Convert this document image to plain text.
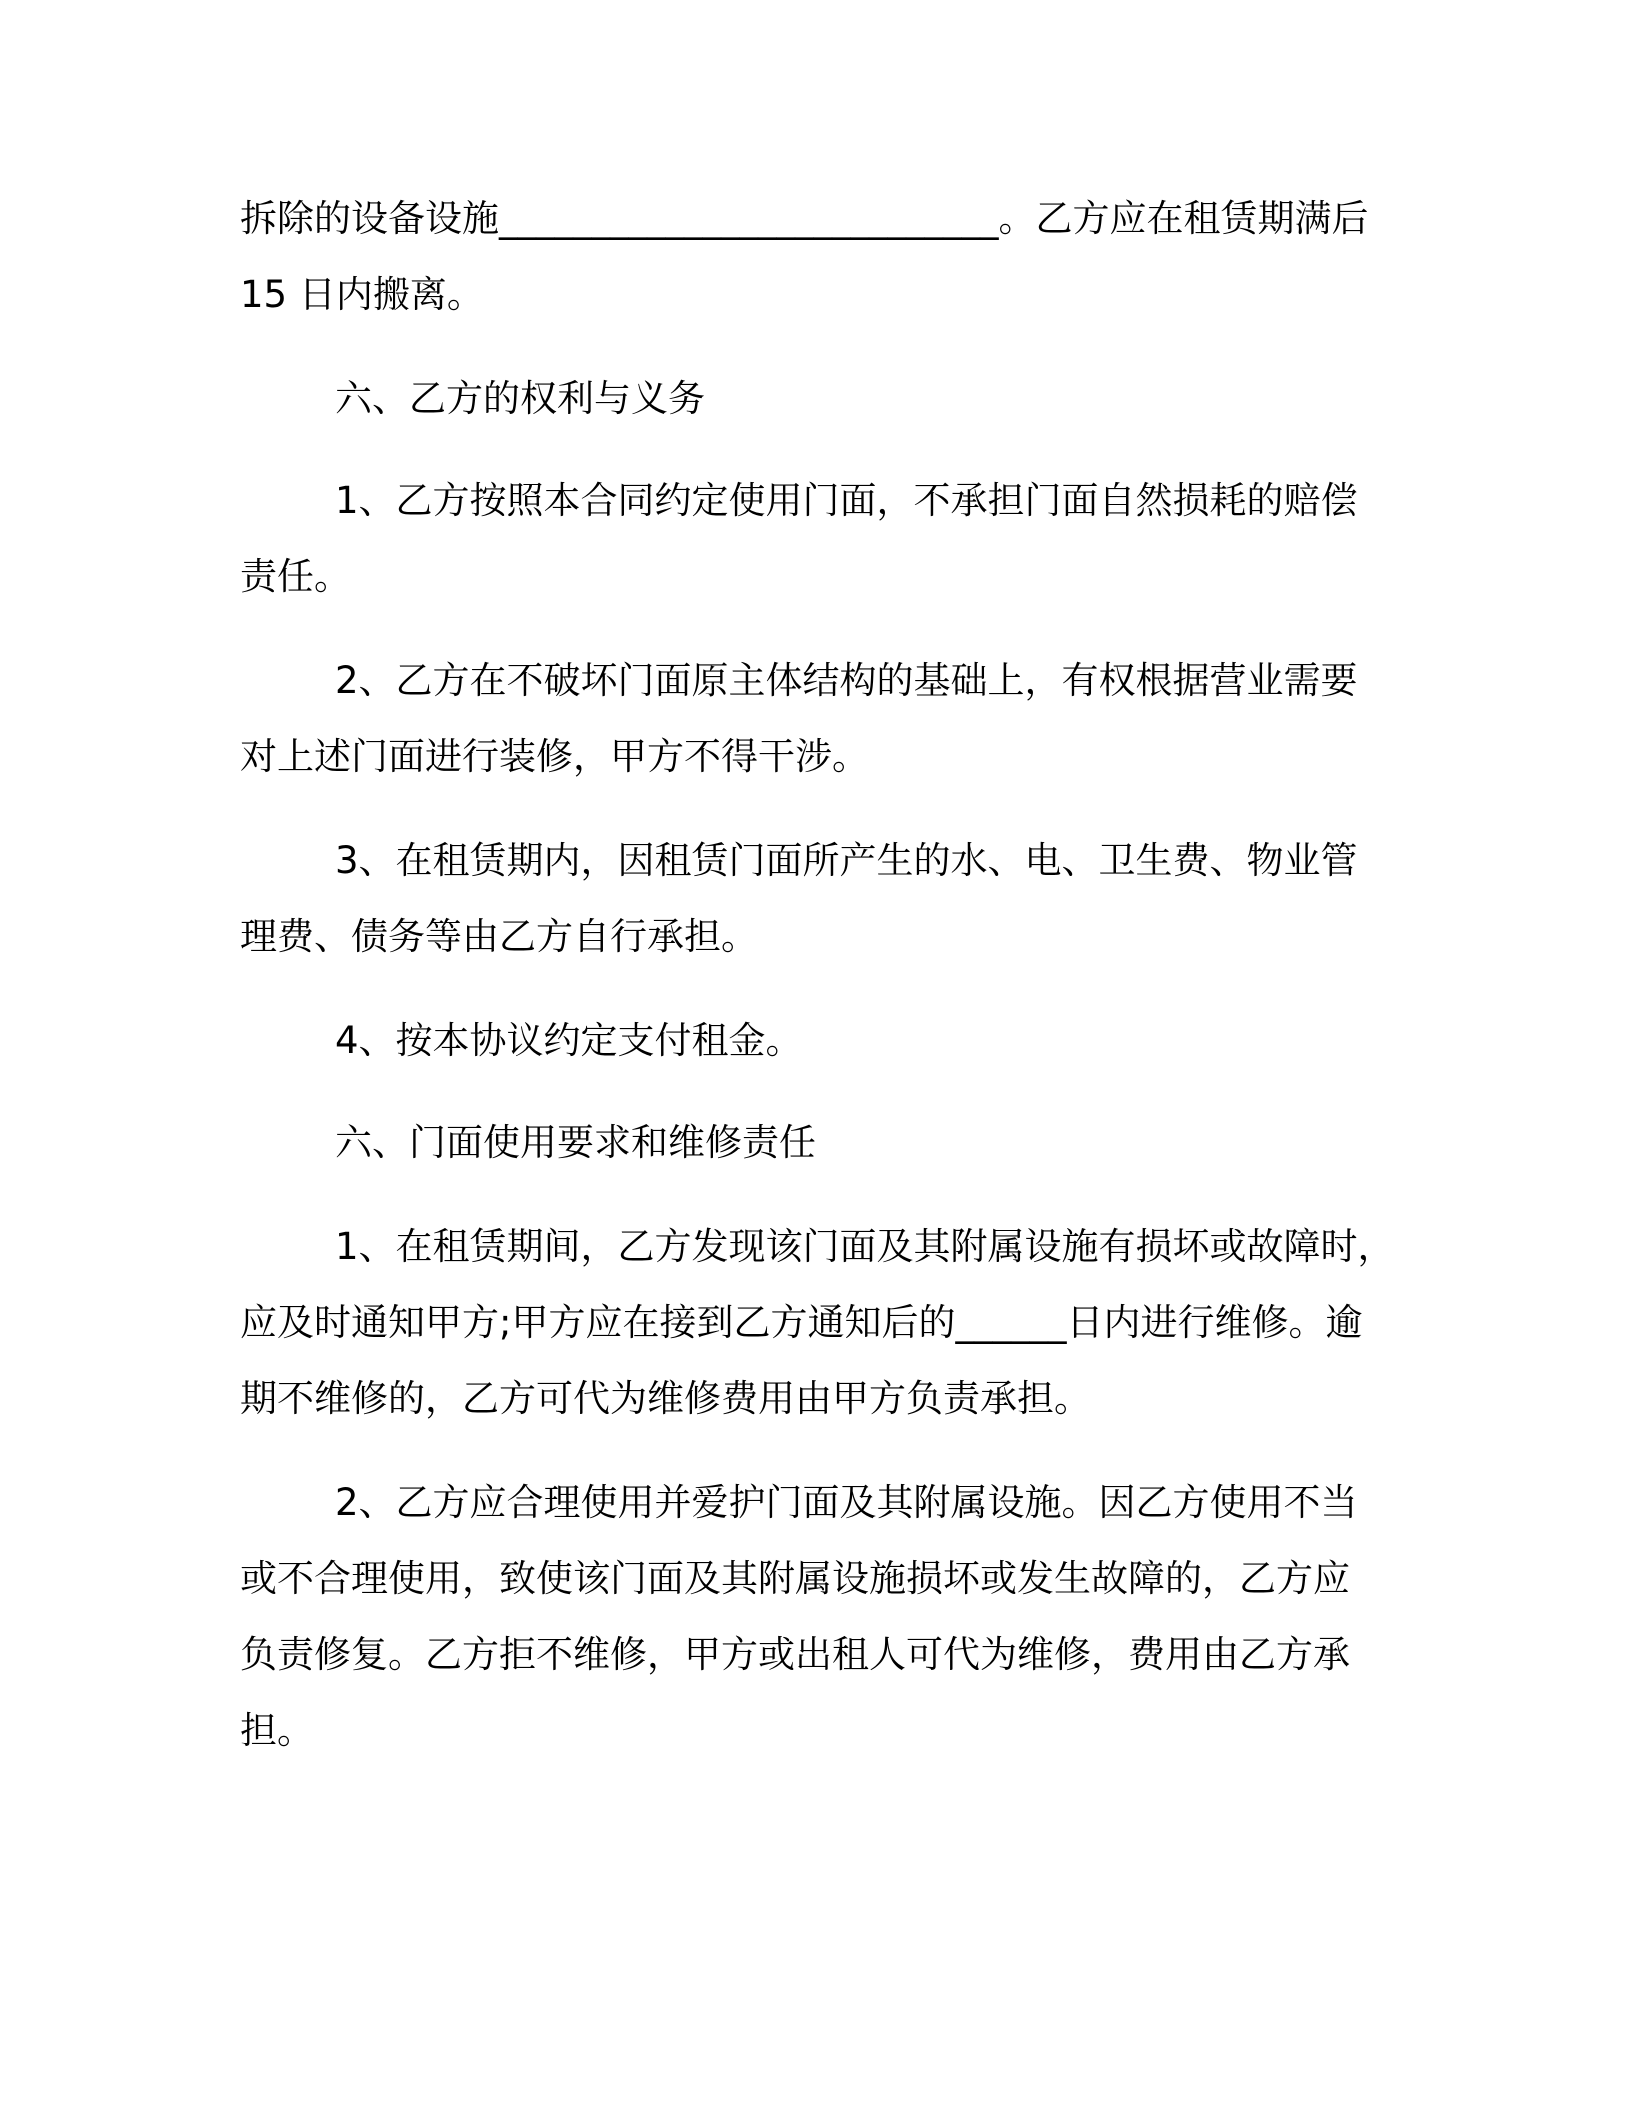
拆除的设备设施___________________________。乙方应在租赁期满后
15 日内搬离。
六、乙方的权利与义务
1、乙方按照本合同约定使用门面，不承担门面自然损耗的赔偿
责任。
2、乙方在不破坏门面原主体结构的基础上，有权根据营业需要
对上述门面进行装修，甲方不得干涉。
3、在租赁期内，因租赁门面所产生的水、电、卫生费、物业管
理费、债务等由乙方自行承担。
4、按本协议约定支付租金。
六、门面使用要求和维修责任
1、在租赁期间，乙方发现该门面及其附属设施有损坏或故障时，
应及时通知甲方;甲方应在接到乙方通知后的______日内进行维修。逾
期不维修的，乙方可代为维修费用由甲方负责承担。
2、乙方应合理使用并爱护门面及其附属设施。因乙方使用不当
或不合理使用，致使该门面及其附属设施损坏或发生故障的，乙方应
负责修复。乙方拒不维修，甲方或出租人可代为维修，费用由乙方承
担。
